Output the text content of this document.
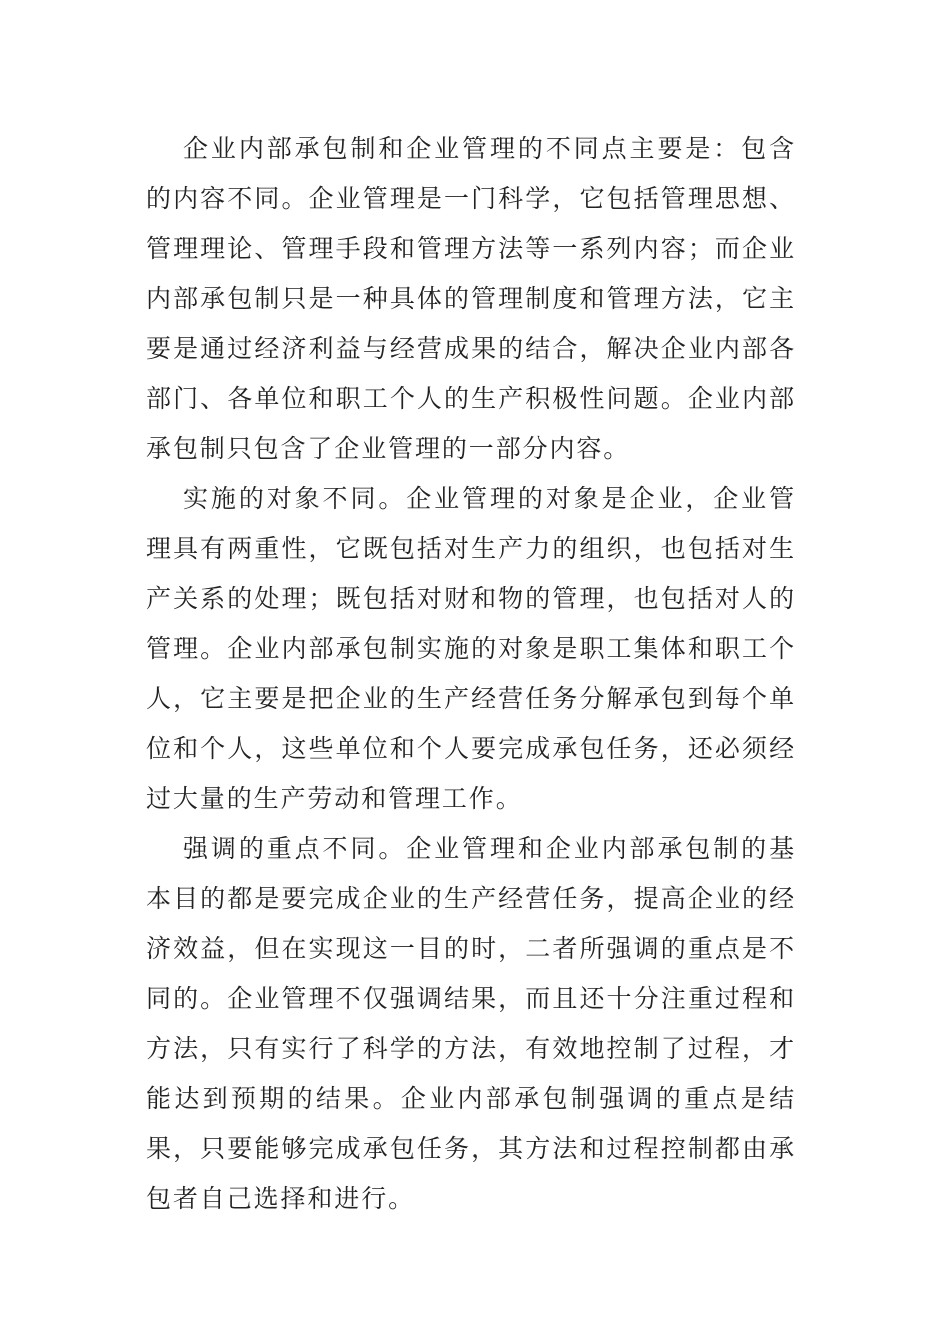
企业内部承包制和企业管理的不同点主要是：包含的内容不同。企业管理是一门科学，它包括管理思想、管理理论、管理手段和管理方法等一系列内容；而企业内部承包制只是一种具体的管理制度和管理方法，它主要是通过经济利益与经营成果的结合，解决企业内部各部门、各单位和职工个人的生产积极性问题。企业内部承包制只包含了企业管理的一部分内容。

实施的对象不同。企业管理的对象是企业，企业管理具有两重性，它既包括对生产力的组织，也包括对生产关系的处理；既包括对财和物的管理，也包括对人的管理。企业内部承包制实施的对象是职工集体和职工个人，它主要是把企业的生产经营任务分解承包到每个单位和个人，这些单位和个人要完成承包任务，还必须经过大量的生产劳动和管理工作。

强调的重点不同。企业管理和企业内部承包制的基本目的都是要完成企业的生产经营任务，提高企业的经济效益，但在实现这一目的时，二者所强调的重点是不同的。企业管理不仅强调结果，而且还十分注重过程和方法，只有实行了科学的方法，有效地控制了过程，才能达到预期的结果。企业内部承包制强调的重点是结果，只要能够完成承包任务，其方法和过程控制都由承包者自己选择和进行。
